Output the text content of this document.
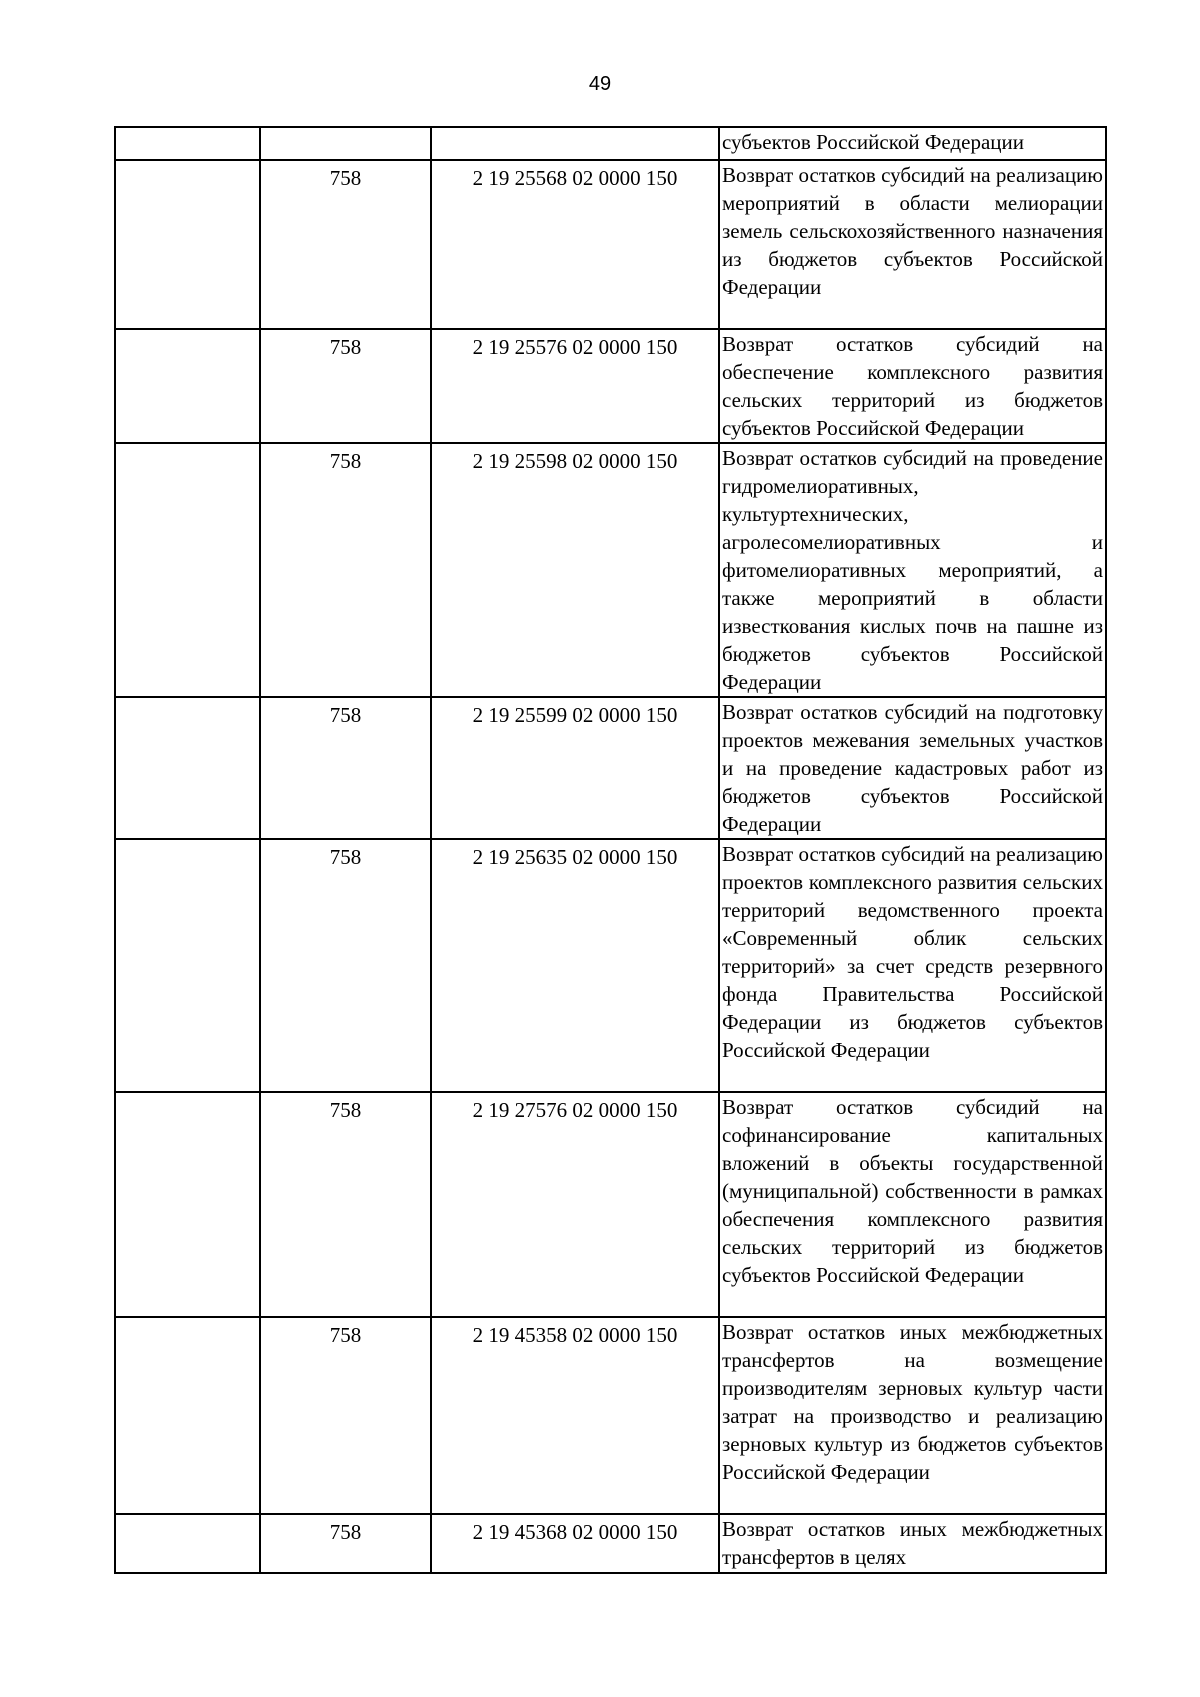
49

			субъектов Российской Федерации

	758	2 19 25568 02 0000 150	Возврат остатков субсидий на реализацию мероприятий в области мелиорации земель сельскохозяйственного назначения из бюджетов субъектов Российской Федерации

	758	2 19 25576 02 0000 150	Возврат остатков субсидий на обеспечение комплексного развития сельских территорий из бюджетов субъектов Российской Федерации

	758	2 19 25598 02 0000 150	Возврат остатков субсидий на проведение гидромелиоративных, культуртехнических, агролесомелиоративных и фитомелиоративных мероприятий, а также мероприятий в области известкования кислых почв на пашне из бюджетов субъектов Российской Федерации

	758	2 19 25599 02 0000 150	Возврат остатков субсидий на подготовку проектов межевания земельных участков и на проведение кадастровых работ из бюджетов субъектов Российской Федерации

	758	2 19 25635 02 0000 150	Возврат остатков субсидий на реализацию проектов комплексного развития сельских территорий ведомственного проекта «Современный облик сельских территорий» за счет средств резервного фонда Правительства Российской Федерации из бюджетов субъектов Российской Федерации

	758	2 19 27576 02 0000 150	Возврат остатков субсидий на софинансирование капитальных вложений в объекты государственной (муниципальной) собственности в рамках обеспечения комплексного развития сельских территорий из бюджетов субъектов Российской Федерации

	758	2 19 45358 02 0000 150	Возврат остатков иных межбюджетных трансфертов на возмещение производителям зерновых культур части затрат на производство и реализацию зерновых культур из бюджетов субъектов Российской Федерации

	758	2 19 45368 02 0000 150	Возврат остатков иных межбюджетных трансфертов в целях
